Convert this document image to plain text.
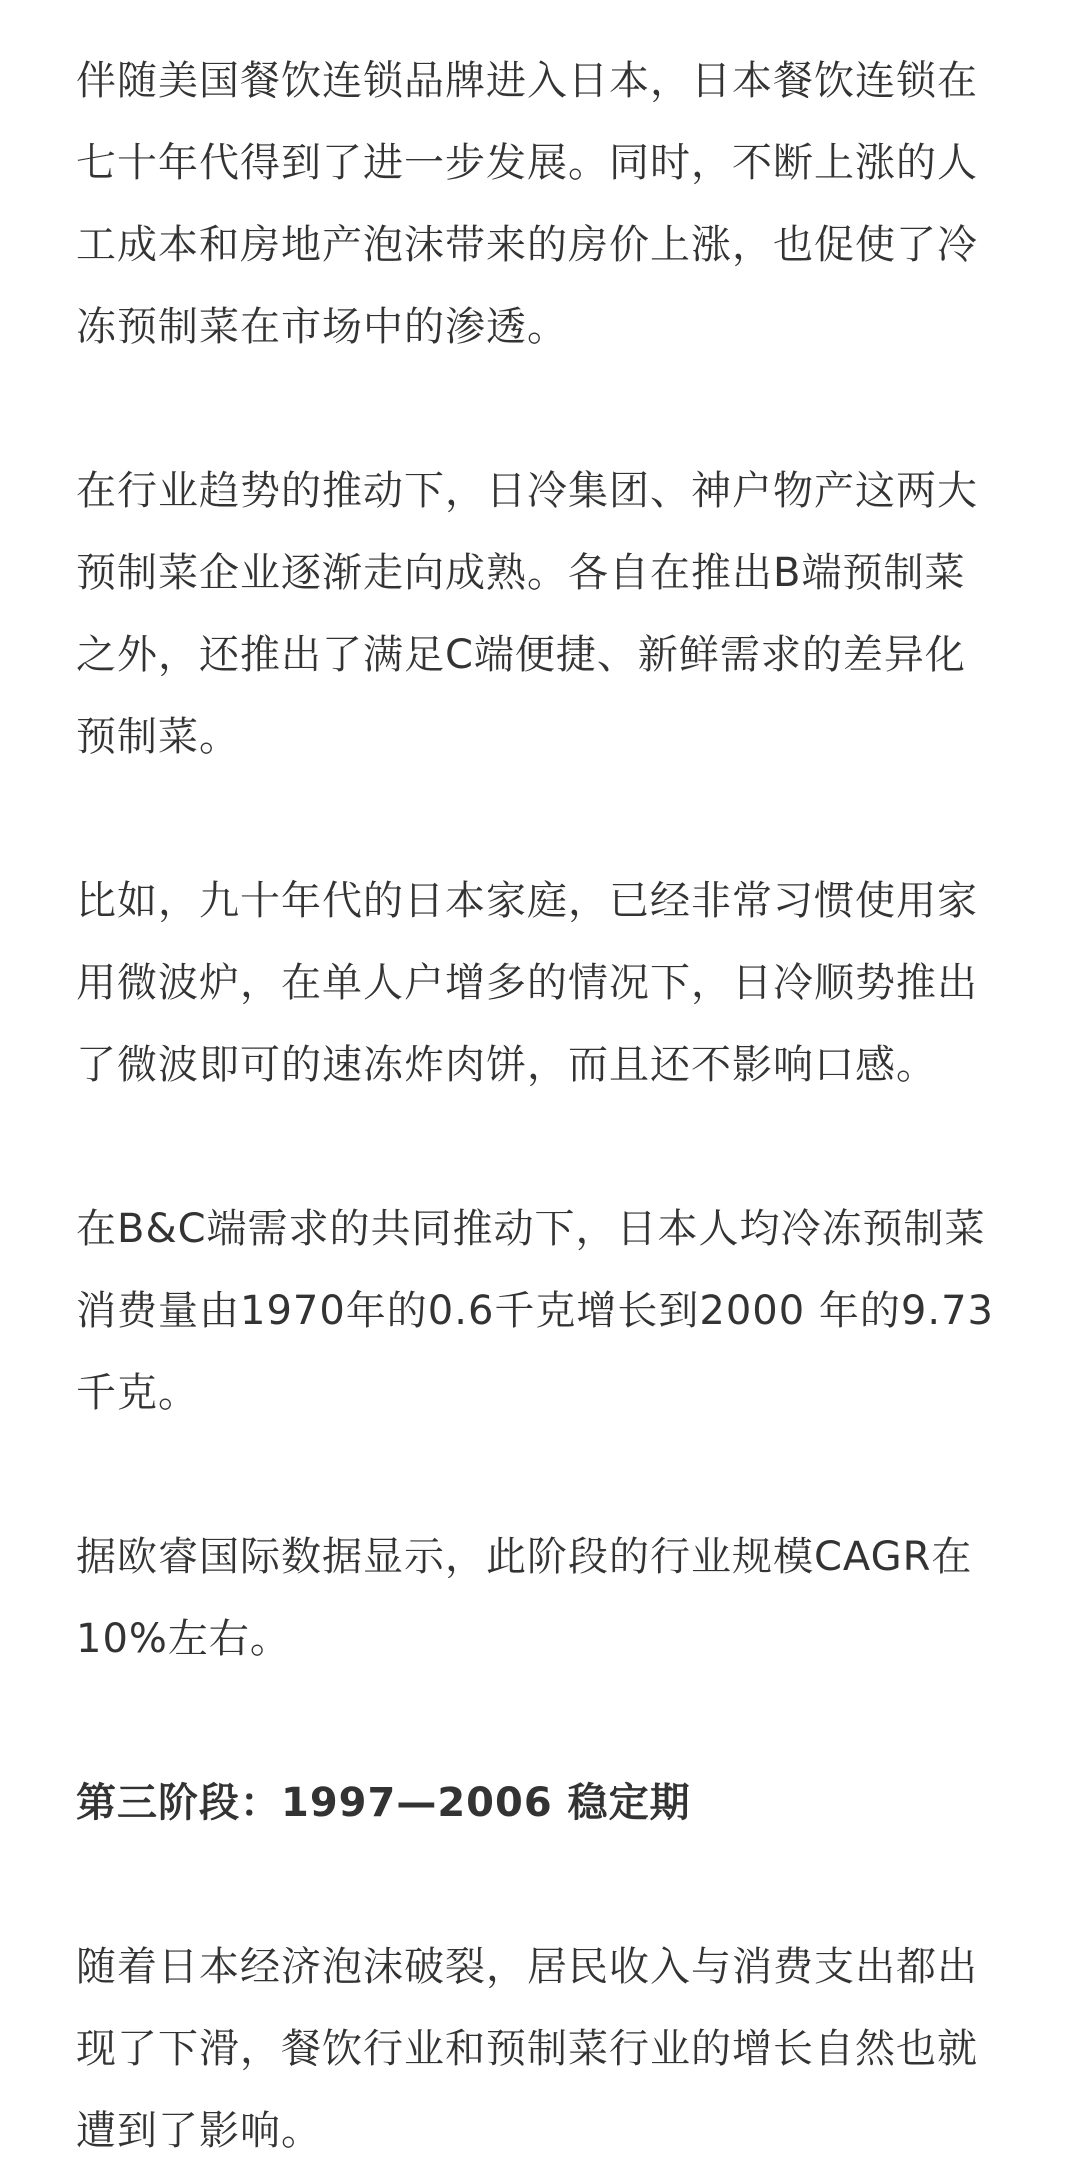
伴随美国餐饮连锁品牌进入日本，日本餐饮连锁在
七十年代得到了进一步发展。同时，不断上涨的人
工成本和房地产泡沫带来的房价上涨，也促使了冷
冻预制菜在市场中的渗透。

在行业趋势的推动下，日冷集团、神户物产这两大
预制菜企业逐渐走向成熟。各自在推出B端预制菜
之外，还推出了满足C端便捷、新鲜需求的差异化
预制菜。

比如，九十年代的日本家庭，已经非常习惯使用家
用微波炉，在单人户增多的情况下，日冷顺势推出
了微波即可的速冻炸肉饼，而且还不影响口感。

在B&C端需求的共同推动下，日本人均冷冻预制菜
消费量由1970年的0.6千克增长到2000 年的9.73
千克。

据欧睿国际数据显示，此阶段的行业规模CAGR在
10%左右。

第三阶段：1997—2006 稳定期

随着日本经济泡沫破裂，居民收入与消费支出都出
现了下滑，餐饮行业和预制菜行业的增长自然也就
遭到了影响。
